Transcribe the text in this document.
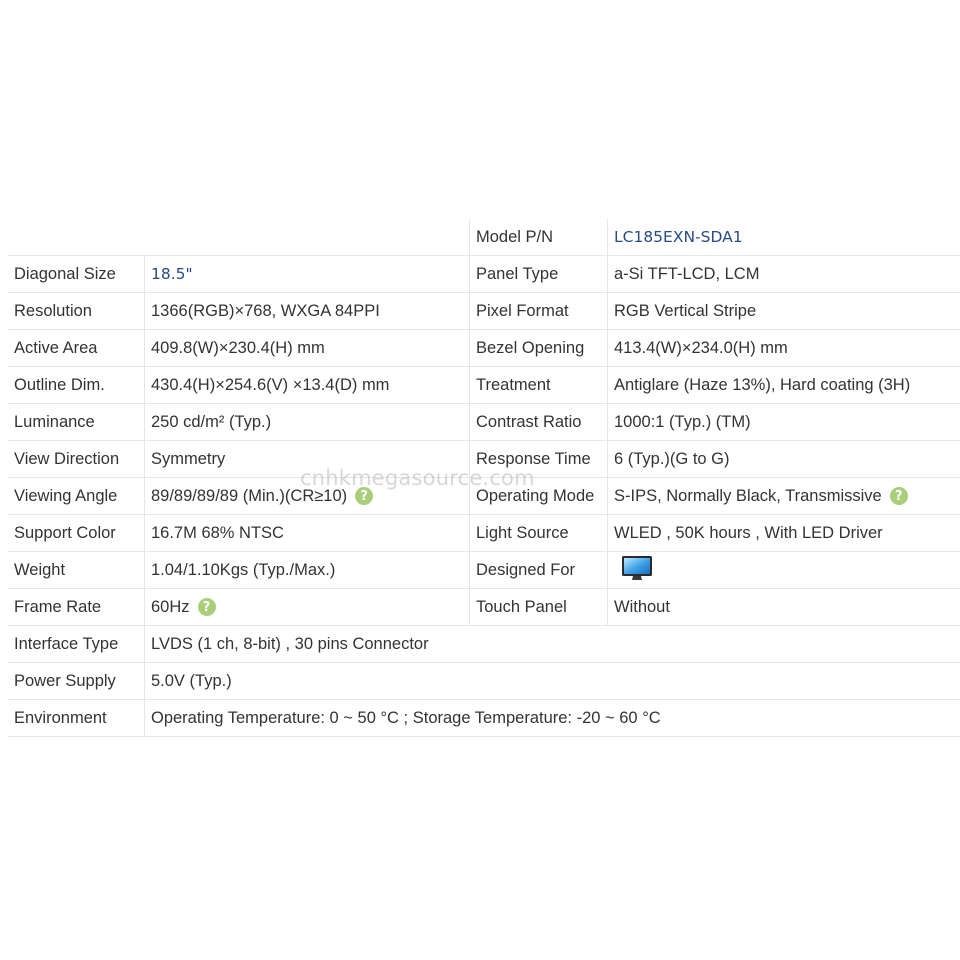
Model P/N	LC185EXN-SDA1
Diagonal Size	18.5"	Panel Type	a-Si TFT-LCD, LCM
Resolution	1366(RGB)×768, WXGA 84PPI	Pixel Format	RGB Vertical Stripe
Active Area	409.8(W)×230.4(H) mm	Bezel Opening	413.4(W)×234.0(H) mm
Outline Dim.	430.4(H)×254.6(V) ×13.4(D) mm	Treatment	Antiglare (Haze 13%), Hard coating (3H)
Luminance	250 cd/m² (Typ.)	Contrast Ratio	1000:1 (Typ.) (TM)
View Direction	Symmetry	Response Time	6 (Typ.)(G to G)
Viewing Angle	89/89/89/89 (Min.)(CR≥10)	?	Operating Mode	S-IPS, Normally Black, Transmissive	?
Support Color	16.7M 68% NTSC	Light Source	WLED , 50K hours , With LED Driver
Weight	1.04/1.10Kgs (Typ./Max.)	Designed For
Frame Rate	60Hz	?	Touch Panel	Without
Interface Type	LVDS (1 ch, 8-bit) , 30 pins Connector
Power Supply	5.0V (Typ.)
Environment	Operating Temperature: 0 ~ 50 °C ; Storage Temperature: -20 ~ 60 °C
cnhkmegasource.com
